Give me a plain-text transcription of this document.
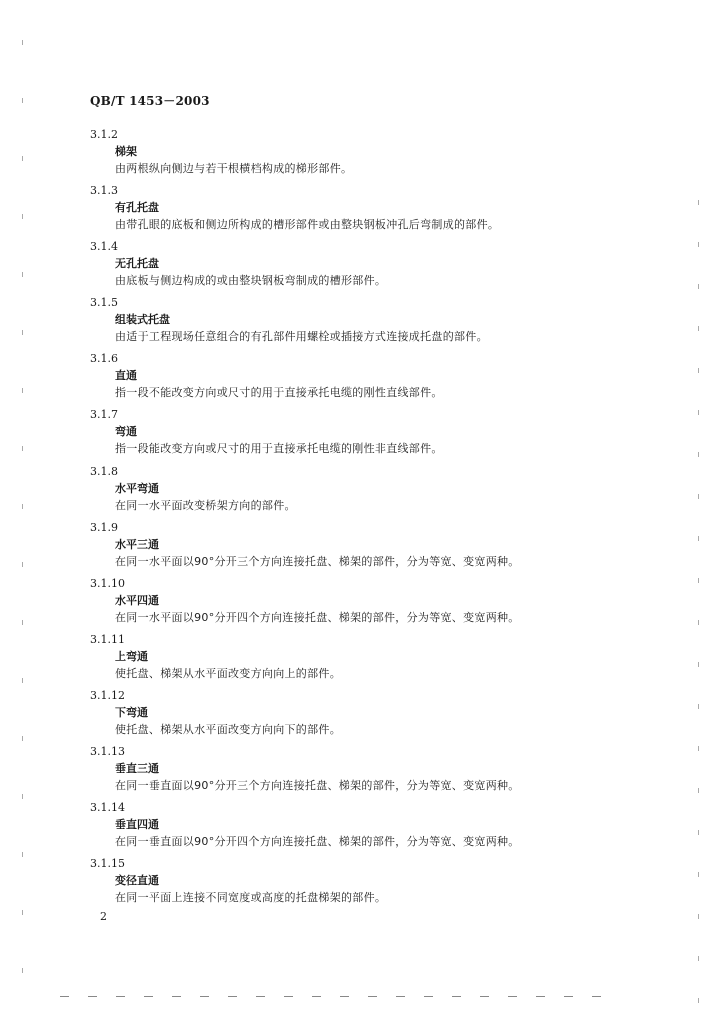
QB/T 1453－2003
3.1.2
梯架
由两根纵向侧边与若干根横档构成的梯形部件。
3.1.3
有孔托盘
由带孔眼的底板和侧边所构成的槽形部件或由整块钢板冲孔后弯制成的部件。
3.1.4
无孔托盘
由底板与侧边构成的或由整块钢板弯制成的槽形部件。
3.1.5
组装式托盘
由适于工程现场任意组合的有孔部件用螺栓或插接方式连接成托盘的部件。
3.1.6
直通
指一段不能改变方向或尺寸的用于直接承托电缆的刚性直线部件。
3.1.7
弯通
指一段能改变方向或尺寸的用于直接承托电缆的刚性非直线部件。
3.1.8
水平弯通
在同一水平面改变桥架方向的部件。
3.1.9
水平三通
在同一水平面以90°分开三个方向连接托盘、梯架的部件，分为等宽、变宽两种。
3.1.10
水平四通
在同一水平面以90°分开四个方向连接托盘、梯架的部件，分为等宽、变宽两种。
3.1.11
上弯通
使托盘、梯架从水平面改变方向向上的部件。
3.1.12
下弯通
使托盘、梯架从水平面改变方向向下的部件。
3.1.13
垂直三通
在同一垂直面以90°分开三个方向连接托盘、梯架的部件，分为等宽、变宽两种。
3.1.14
垂直四通
在同一垂直面以90°分开四个方向连接托盘、梯架的部件，分为等宽、变宽两种。
3.1.15
变径直通
在同一平面上连接不同宽度或高度的托盘梯架的部件。
2
